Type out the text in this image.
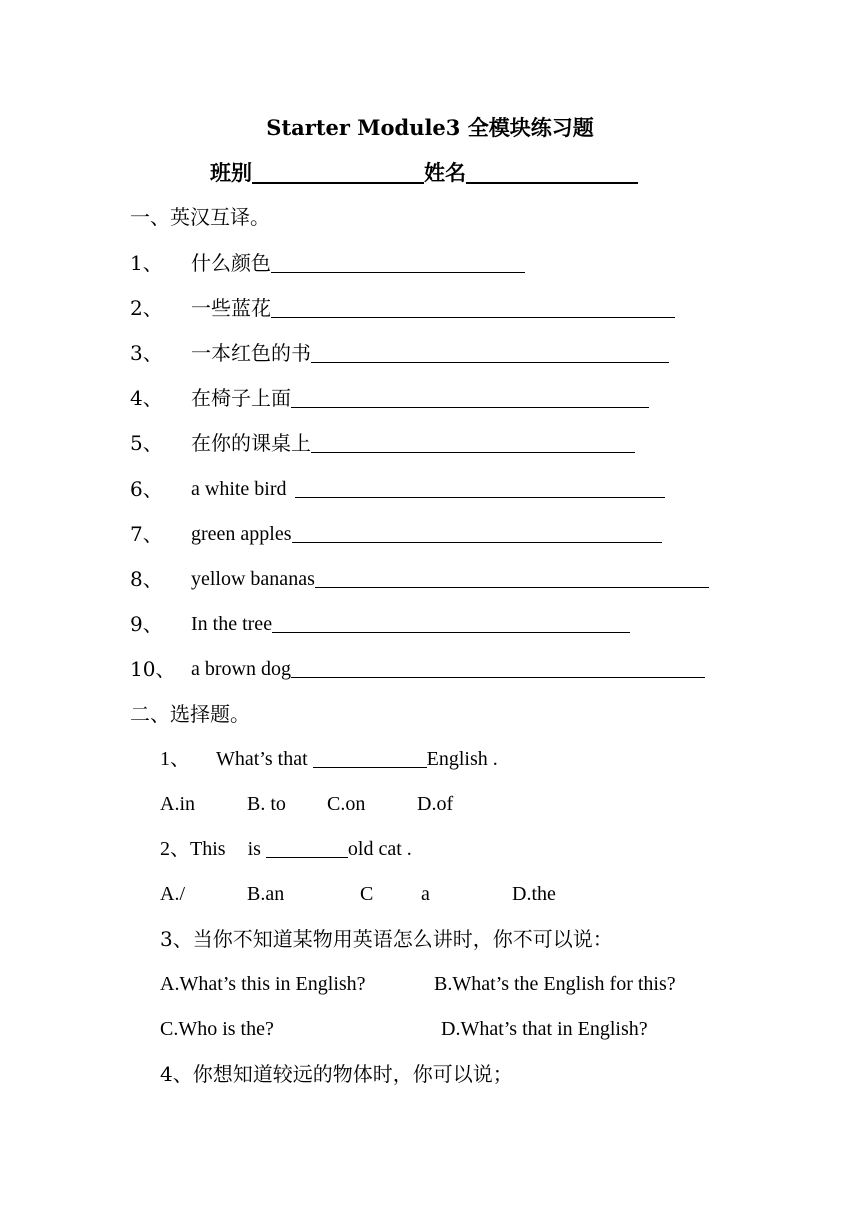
Starter Module3 全模块练习题
班别	姓名
一、英汉互译。
1、 什么颜色
2、 一些蓝花
3、 一本红色的书
4、 在椅子上面
5、 在你的课桌上
6、 a white bird
7、 green apples
8、 yellow bananas
9、 In the tree
10、 a brown dog
二、选择题。
1、 What’s that	English .
A.in	B. to C.on	D.of
2、This is	old cat .
A./	B.an	C a	D.the
3、当你不知道某物用英语怎么讲时，你不可以说：
A.What’s this in English?	B.What’s the English for this?
C.Who is the?	D.What’s that in English?
4、你想知道较远的物体时，你可以说；
